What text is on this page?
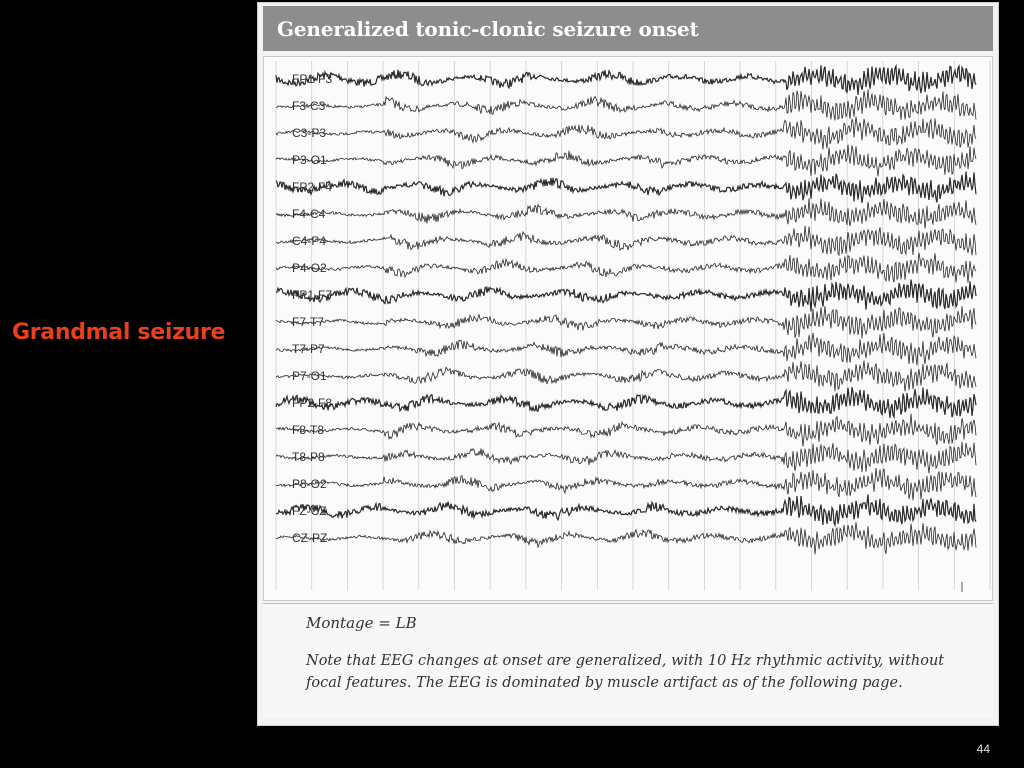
Grandmal seizure
Generalized tonic-clonic seizure onset
FP1-F3
F3-C3
C3-P3
P3-O1
FP2-F4
F4-C4
C4-P4
P4-O2
FP1-F7
F7-T7
T7-P7
P7-O1
FP2-F8
F8-T8
T8-P8
P8-O2
FZ-CZ
CZ-PZ
Montage = LB
Note that EEG changes at onset are generalized, with 10 Hz rhythmic activity, without focal features. The EEG is dominated by muscle artifact as of the following page.
44
